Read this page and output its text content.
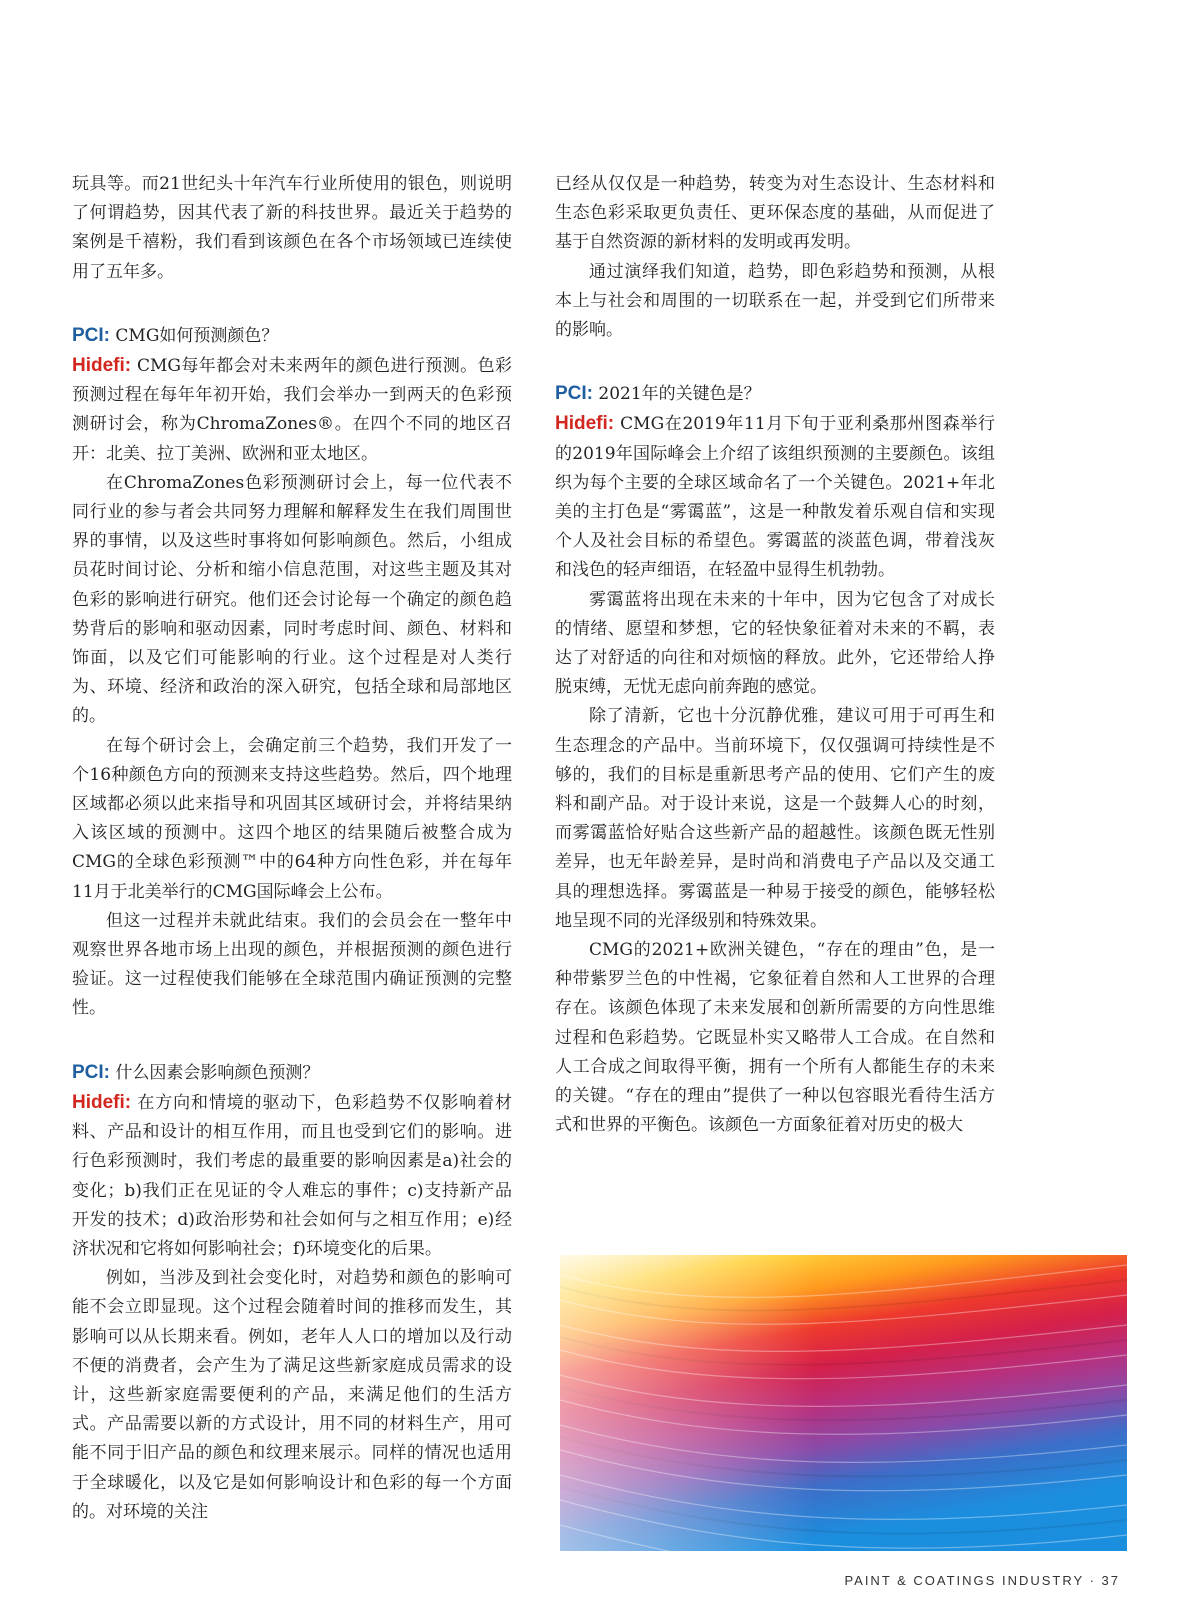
玩具等。而21世纪头十年汽车行业所使用的银色，则说明了何谓趋势，因其代表了新的科技世界。最近关于趋势的案例是千禧粉，我们看到该颜色在各个市场领域已连续使用了五年多。

PCI: CMG如何预测颜色？

Hidefi: CMG每年都会对未来两年的颜色进行预测。色彩预测过程在每年年初开始，我们会举办一到两天的色彩预测研讨会，称为ChromaZones®。在四个不同的地区召开：北美、拉丁美洲、欧洲和亚太地区。

在ChromaZones色彩预测研讨会上，每一位代表不同行业的参与者会共同努力理解和解释发生在我们周围世界的事情，以及这些时事将如何影响颜色。然后，小组成员花时间讨论、分析和缩小信息范围，对这些主题及其对色彩的影响进行研究。他们还会讨论每一个确定的颜色趋势背后的影响和驱动因素，同时考虑时间、颜色、材料和饰面，以及它们可能影响的行业。这个过程是对人类行为、环境、经济和政治的深入研究，包括全球和局部地区的。

在每个研讨会上，会确定前三个趋势，我们开发了一个16种颜色方向的预测来支持这些趋势。然后，四个地理区域都必须以此来指导和巩固其区域研讨会，并将结果纳入该区域的预测中。这四个地区的结果随后被整合成为CMG的全球色彩预测™中的64种方向性色彩，并在每年11月于北美举行的CMG国际峰会上公布。

但这一过程并未就此结束。我们的会员会在一整年中观察世界各地市场上出现的颜色，并根据预测的颜色进行验证。这一过程使我们能够在全球范围内确证预测的完整性。

PCI: 什么因素会影响颜色预测？

Hidefi: 在方向和情境的驱动下，色彩趋势不仅影响着材料、产品和设计的相互作用，而且也受到它们的影响。进行色彩预测时，我们考虑的最重要的影响因素是a)社会的变化；b)我们正在见证的令人难忘的事件；c)支持新产品开发的技术；d)政治形势和社会如何与之相互作用；e)经济状况和它将如何影响社会；f)环境变化的后果。

例如，当涉及到社会变化时，对趋势和颜色的影响可能不会立即显现。这个过程会随着时间的推移而发生，其影响可以从长期来看。例如，老年人人口的增加以及行动不便的消费者，会产生为了满足这些新家庭成员需求的设计，这些新家庭需要便利的产品，来满足他们的生活方式。产品需要以新的方式设计，用不同的材料生产，用可能不同于旧产品的颜色和纹理来展示。同样的情况也适用于全球暖化，以及它是如何影响设计和色彩的每一个方面的。对环境的关注

已经从仅仅是一种趋势，转变为对生态设计、生态材料和生态色彩采取更负责任、更环保态度的基础，从而促进了基于自然资源的新材料的发明或再发明。

通过演绎我们知道，趋势，即色彩趋势和预测，从根本上与社会和周围的一切联系在一起，并受到它们所带来的影响。

PCI: 2021年的关键色是？

Hidefi: CMG在2019年11月下旬于亚利桑那州图森举行的2019年国际峰会上介绍了该组织预测的主要颜色。该组织为每个主要的全球区域命名了一个关键色。2021+年北美的主打色是“雾霭蓝”，这是一种散发着乐观自信和实现个人及社会目标的希望色。雾霭蓝的淡蓝色调，带着浅灰和浅色的轻声细语，在轻盈中显得生机勃勃。

雾霭蓝将出现在未来的十年中，因为它包含了对成长的情绪、愿望和梦想，它的轻快象征着对未来的不羁，表达了对舒适的向往和对烦恼的释放。此外，它还带给人挣脱束缚，无忧无虑向前奔跑的感觉。

除了清新，它也十分沉静优雅，建议可用于可再生和生态理念的产品中。当前环境下，仅仅强调可持续性是不够的，我们的目标是重新思考产品的使用、它们产生的废料和副产品。对于设计来说，这是一个鼓舞人心的时刻，而雾霭蓝恰好贴合这些新产品的超越性。该颜色既无性别差异，也无年龄差异，是时尚和消费电子产品以及交通工具的理想选择。雾霭蓝是一种易于接受的颜色，能够轻松地呈现不同的光泽级别和特殊效果。

CMG的2021+欧洲关键色，“存在的理由”色，是一种带紫罗兰色的中性褐，它象征着自然和人工世界的合理存在。该颜色体现了未来发展和创新所需要的方向性思维过程和色彩趋势。它既显朴实又略带人工合成。在自然和人工合成之间取得平衡，拥有一个所有人都能生存的未来的关键。“存在的理由”提供了一种以包容眼光看待生活方式和世界的平衡色。该颜色一方面象征着对历史的极大

PAINT & COATINGS INDUSTRY · 37
